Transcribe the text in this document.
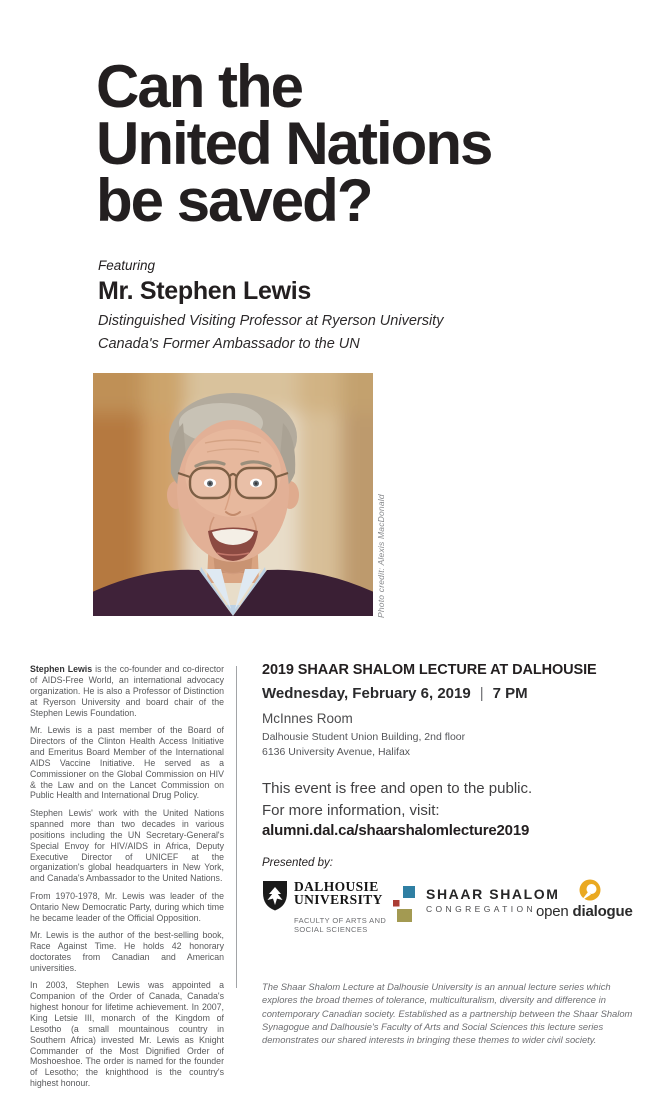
Can the
United Nations
be saved?
Featuring
Mr. Stephen Lewis
Distinguished Visiting Professor at Ryerson University
Canada's Former Ambassador to the UN
Photo credit: Alexis MacDonald

Stephen Lewis is the co-founder and co-director of AIDS-Free World, an international advocacy organization. He is also a Professor of Distinction at Ryerson University and board chair of the Stephen Lewis Foundation.

Mr. Lewis is a past member of the Board of Directors of the Clinton Health Access Initiative and Emeritus Board Member of the International AIDS Vaccine Initiative. He served as a Commissioner on the Global Commission on HIV & the Law and on the Lancet Commission on Public Health and International Drug Policy.

Stephen Lewis' work with the United Nations spanned more than two decades in various positions including the UN Secretary-General's Special Envoy for HIV/AIDS in Africa, Deputy Executive Director of UNICEF at the organization's global headquarters in New York, and Canada's Ambassador to the United Nations.

From 1970-1978, Mr. Lewis was leader of the Ontario New Democratic Party, during which time he became leader of the Official Opposition.

Mr. Lewis is the author of the best-selling book, Race Against Time. He holds 42 honorary doctorates from Canadian and American universities.

In 2003, Stephen Lewis was appointed a Companion of the Order of Canada, Canada's highest honour for lifetime achievement. In 2007, King Letsie III, monarch of the Kingdom of Lesotho (a small mountainous country in Southern Africa) invested Mr. Lewis as Knight Commander of the Most Dignified Order of Moshoeshoe. The order is named for the founder of Lesotho; the knighthood is the country's highest honour.

2019 SHAAR SHALOM LECTURE AT DALHOUSIE
Wednesday, February 6, 2019 | 7 PM
McInnes Room
Dalhousie Student Union Building, 2nd floor
6136 University Avenue, Halifax
This event is free and open to the public.
For more information, visit:
alumni.dal.ca/shaarshalomlecture2019
Presented by:
DALHOUSIE
UNIVERSITY
FACULTY OF ARTS AND
SOCIAL SCIENCES
SHAAR SHALOM
CONGREGATION open dialogue
The Shaar Shalom Lecture at Dalhousie University is an annual lecture series which explores the broad themes of tolerance, multiculturalism, diversity and difference in contemporary Canadian society. Established as a partnership between the Shaar Shalom Synagogue and Dalhousie's Faculty of Arts and Social Sciences this lecture series demonstrates our shared interests in bringing these themes to wider civil society.
